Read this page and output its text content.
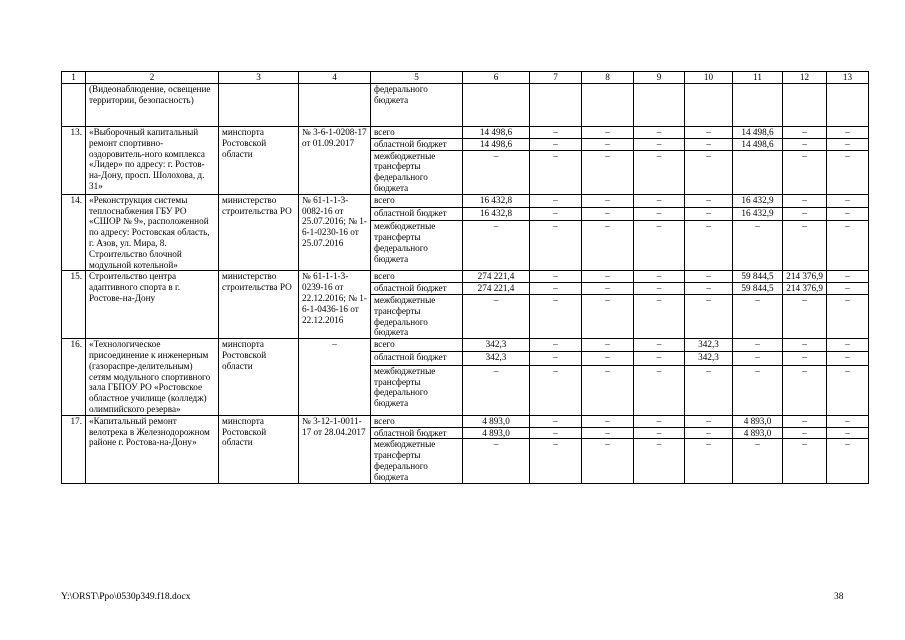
1	2	3	4	5	6	7	8	9	10	11	12	13
	(Видеонаблюдение, освещение территории, безопасность)			федерального бюджета								
13.	«Выборочный капитальный ремонт спортивно-оздоровитель-ного комплекса «Лидер» по адресу: г. Ростов-на-Дону, просп. Шолохова, д. 31»	минспорта Ростовской области	№ 3-6-1-0208-17 от 01.09.2017	всего	14 498,6	–	–	–	–	14 498,6	–	–
				областной бюджет	14 498,6	–	–	–	–	14 498,6	–	–
				межбюджетные трансферты федерального бюджета	–	–	–	–	–		–	–
14.	«Реконструкция системы теплоснабжения ГБУ РО «СШОР № 9», расположенной по адресу: Ростовская область, г. Азов, ул. Мира, 8. Строительство блочной модульной котельной»	министерство строительства РО	№ 61-1-1-3-0082-16 от 25.07.2016; № 1-6-1-0230-16 от 25.07.2016	всего	16 432,8	–	–	–	–	16 432,9	–	–
				областной бюджет	16 432,8	–	–	–	–	16 432,9	–	–
				межбюджетные трансферты федерального бюджета	–	–	–	–	–	–	–	–
15.	Строительство центра адаптивного спорта в г. Ростове-на-Дону	министерство строительства РО	№ 61-1-1-3-0239-16 от 22.12.2016; № 1-6-1-0436-16 от 22.12.2016	всего	274 221,4	–	–	–	–	59 844,5	214 376,9	–
				областной бюджет	274 221,4	–	–	–	–	59 844,5	214 376,9	–
				межбюджетные трансферты федерального бюджета	–	–	–	–	–	–	–	–
16.	«Технологическое присоединение к инженерным (газораспре-делительным) сетям модульного спортивного зала ГБПОУ РО «Ростовское областное училище (колледж) олимпийского резерва»	минспорта Ростовской области	–	всего	342,3	–	–	–	342,3	–	–	–
				областной бюджет	342,3	–	–	–	342,3	–	–	–
				межбюджетные трансферты федерального бюджета	–	–	–	–	–	–	–	–
17.	«Капитальный ремонт велотрека в Железнодорожном районе г. Ростова-на-Дону»	минспорта Ростовской области	№ 3-12-1-0011-17 от 28.04.2017	всего	4 893,0	–	–	–	–	4 893,0	–	–
				областной бюджет	4 893,0	–	–	–	–	4 893,0	–	–
				межбюджетные трансферты федерального бюджета	–	–	–	–	–	–	–	–
Y:\ORST\Ppo\0530p349.f18.docx	38
